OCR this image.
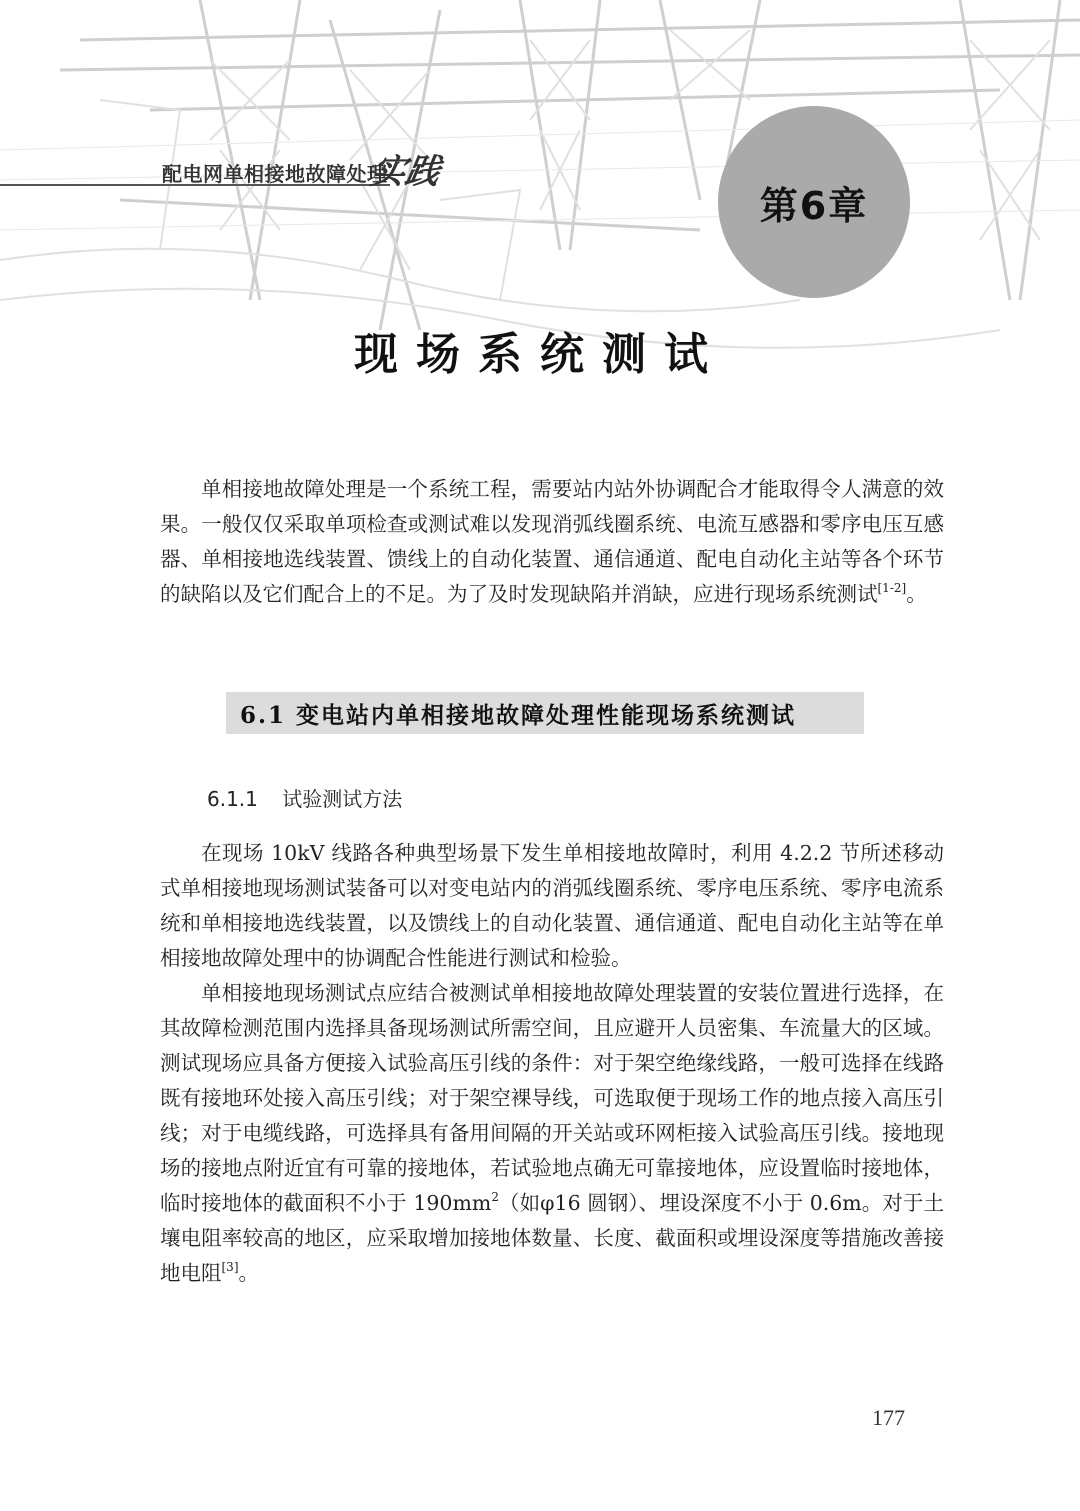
配电网单相接地故障处理
实践
第6章
现场系统测试

单相接地故障处理是一个系统工程，需要站内站外协调配合才能取得令人满意的效果。一般仅仅采取单项检查或测试难以发现消弧线圈系统、电流互感器和零序电压互感器、单相接地选线装置、馈线上的自动化装置、通信通道、配电自动化主站等各个环节的缺陷以及它们配合上的不足。为了及时发现缺陷并消缺，应进行现场系统测试[1-2]。

6.1 变电站内单相接地故障处理性能现场系统测试
6.1.1 试验测试方法

在现场 10kV 线路各种典型场景下发生单相接地故障时，利用 4.2.2 节所述移动式单相接地现场测试装备可以对变电站内的消弧线圈系统、零序电压系统、零序电流系统和单相接地选线装置，以及馈线上的自动化装置、通信通道、配电自动化主站等在单相接地故障处理中的协调配合性能进行测试和检验。

单相接地现场测试点应结合被测试单相接地故障处理装置的安装位置进行选择，在其故障检测范围内选择具备现场测试所需空间，且应避开人员密集、车流量大的区域。测试现场应具备方便接入试验高压引线的条件：对于架空绝缘线路，一般可选择在线路既有接地环处接入高压引线；对于架空裸导线，可选取便于现场工作的地点接入高压引线；对于电缆线路，可选择具有备用间隔的开关站或环网柜接入试验高压引线。接地现场的接地点附近宜有可靠的接地体，若试验地点确无可靠接地体，应设置临时接地体，临时接地体的截面积不小于 $190mm^2$（如φ16 圆钢）、埋设深度不小于 0.6m。对于土壤电阻率较高的地区，应采取增加接地体数量、长度、截面积或埋设深度等措施改善接地电阻[3]。

177
